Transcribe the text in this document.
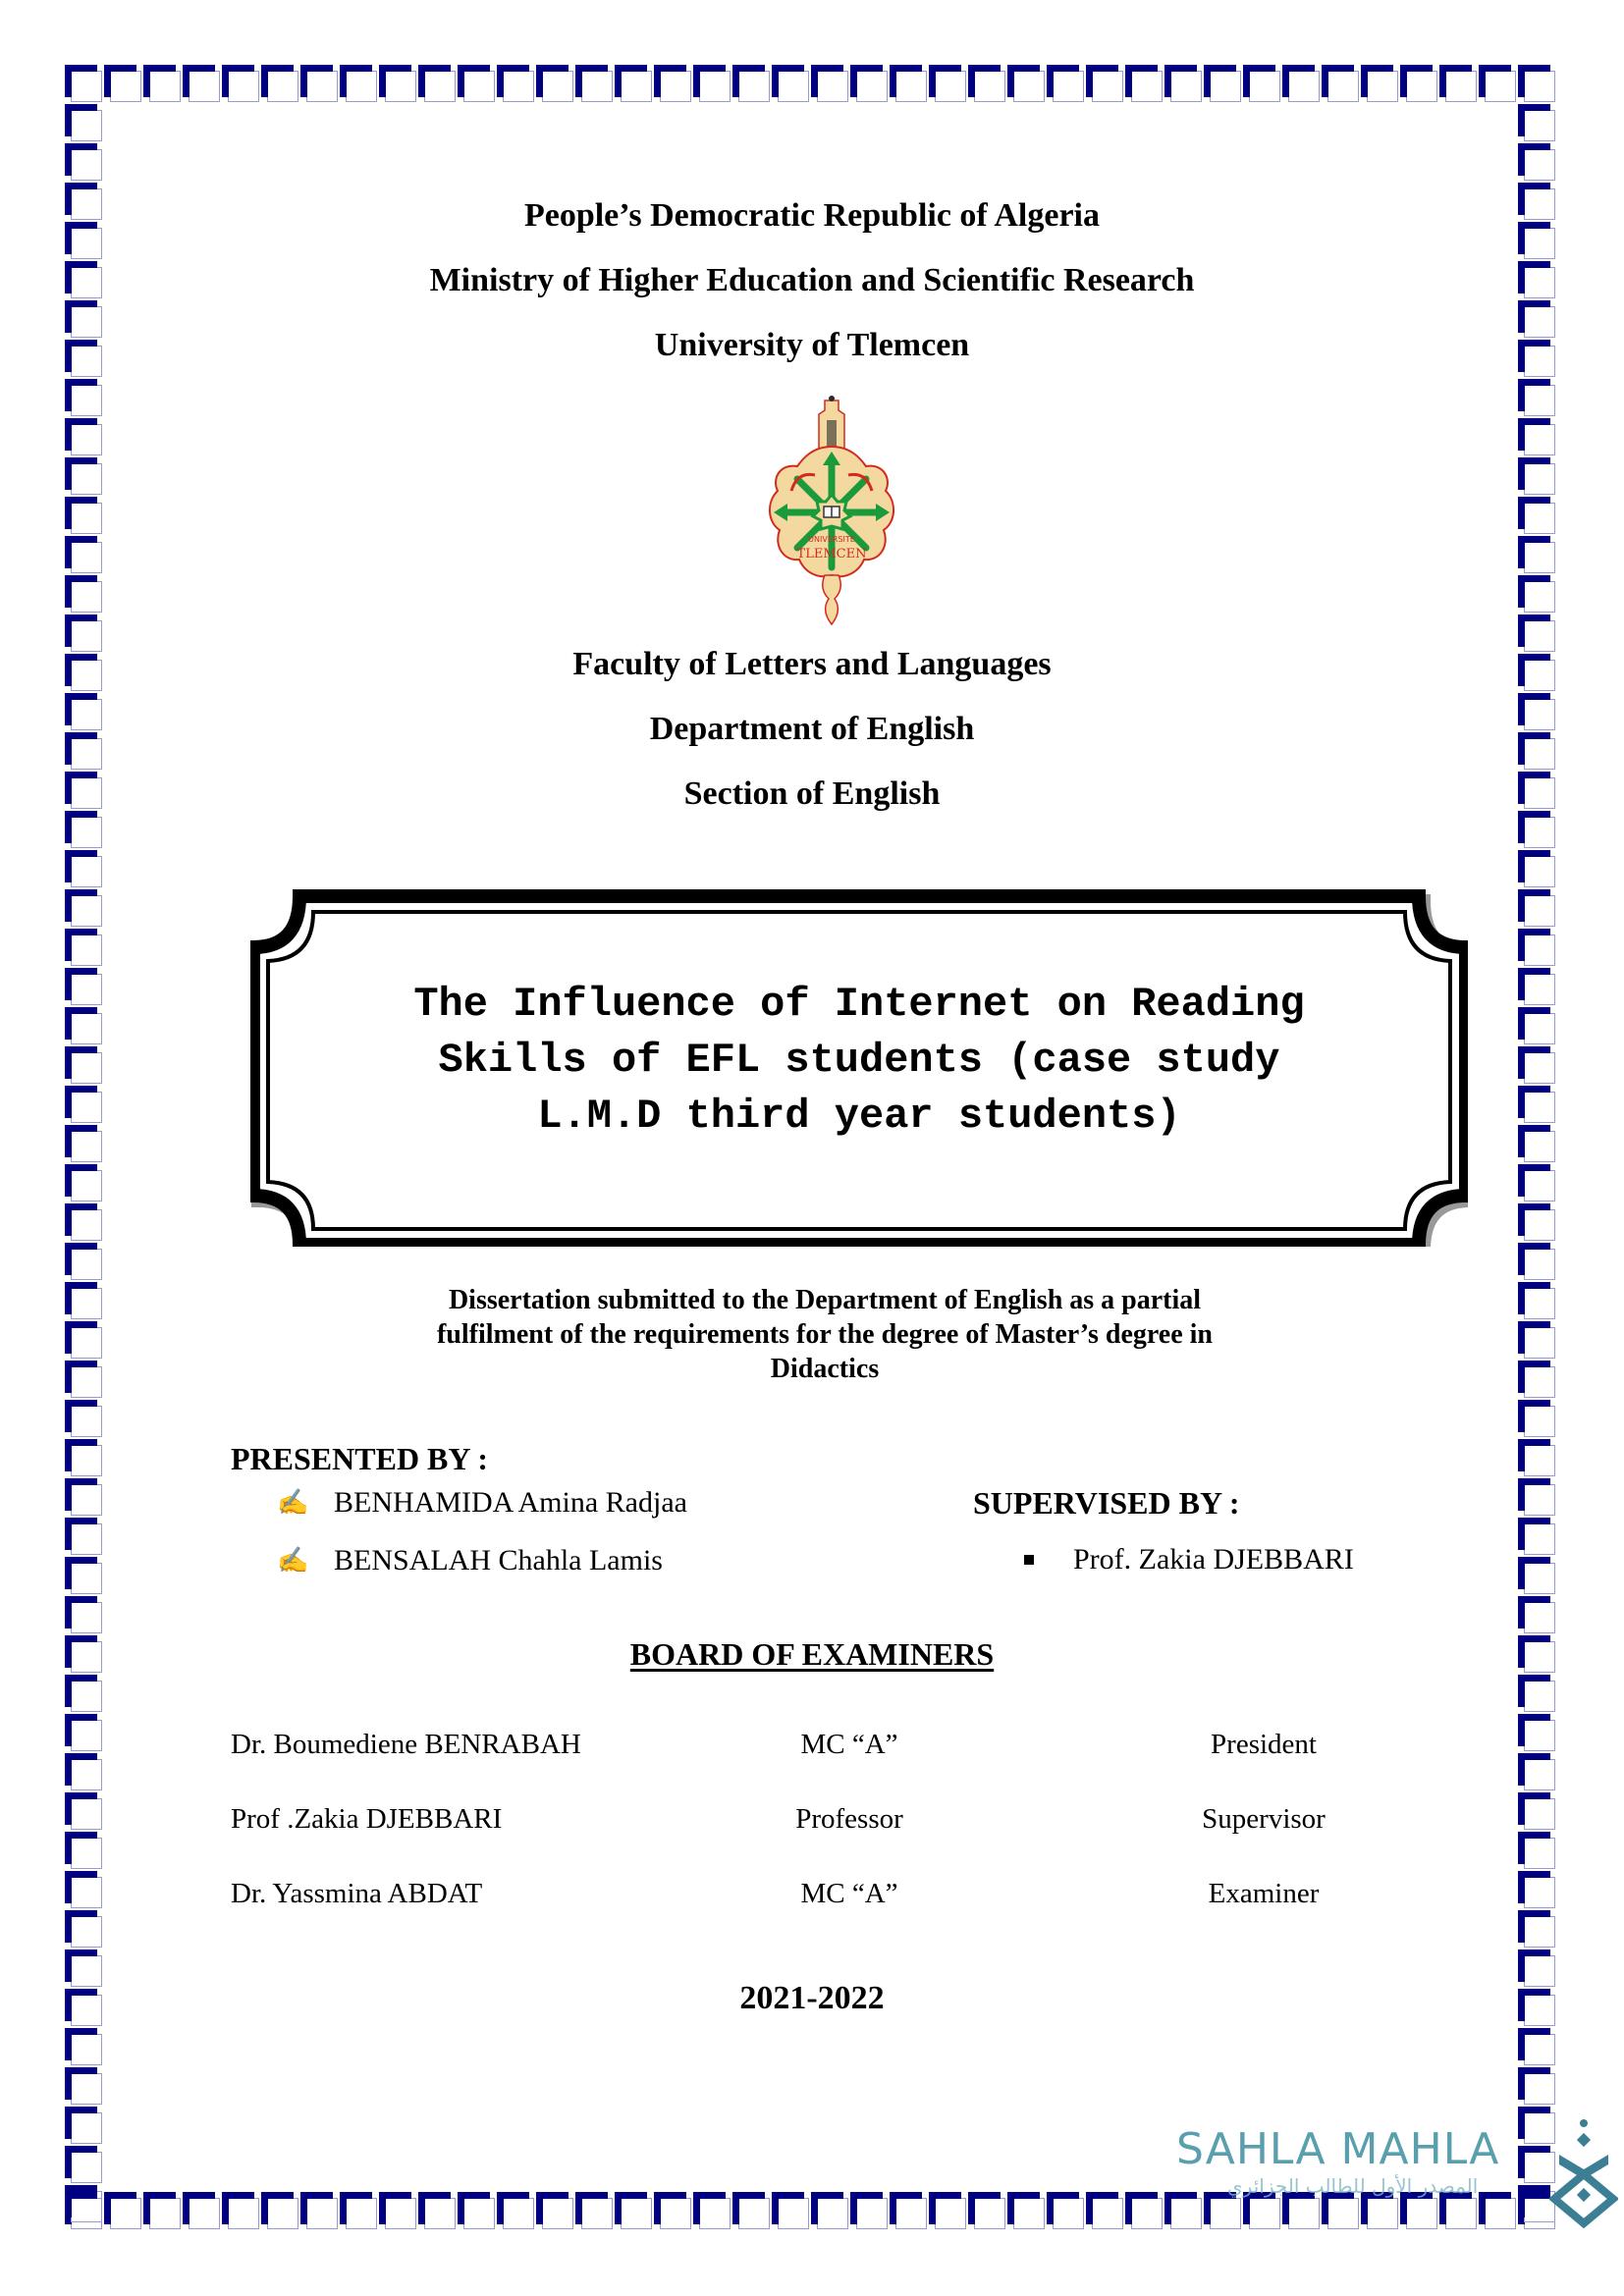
People’s Democratic Republic of Algeria
Ministry of Higher Education and Scientific Research
University of Tlemcen
UNIVERSITE
TLEMCEN
Faculty of Letters and Languages
Department of English
Section of English
The Influence of Internet on Reading
Skills of EFL students (case study
L.M.D third year students)
Dissertation submitted to the Department of English as a partial
fulfilment of the requirements for the degree of Master’s degree in
Didactics
PRESENTED BY :
✍ BENHAMIDA Amina Radjaa
✍ BENSALAH Chahla Lamis
SUPERVISED BY :
Prof. Zakia DJEBBARI
BOARD OF EXAMINERS
Dr. Boumediene BENRABAH	MC “A”	President
Prof .Zakia DJEBBARI	Professor	Supervisor
Dr. Yassmina ABDAT	MC “A”	Examiner
2021-2022
SAHLA MAHLA
المصدر الأول للطالب الجزائري
